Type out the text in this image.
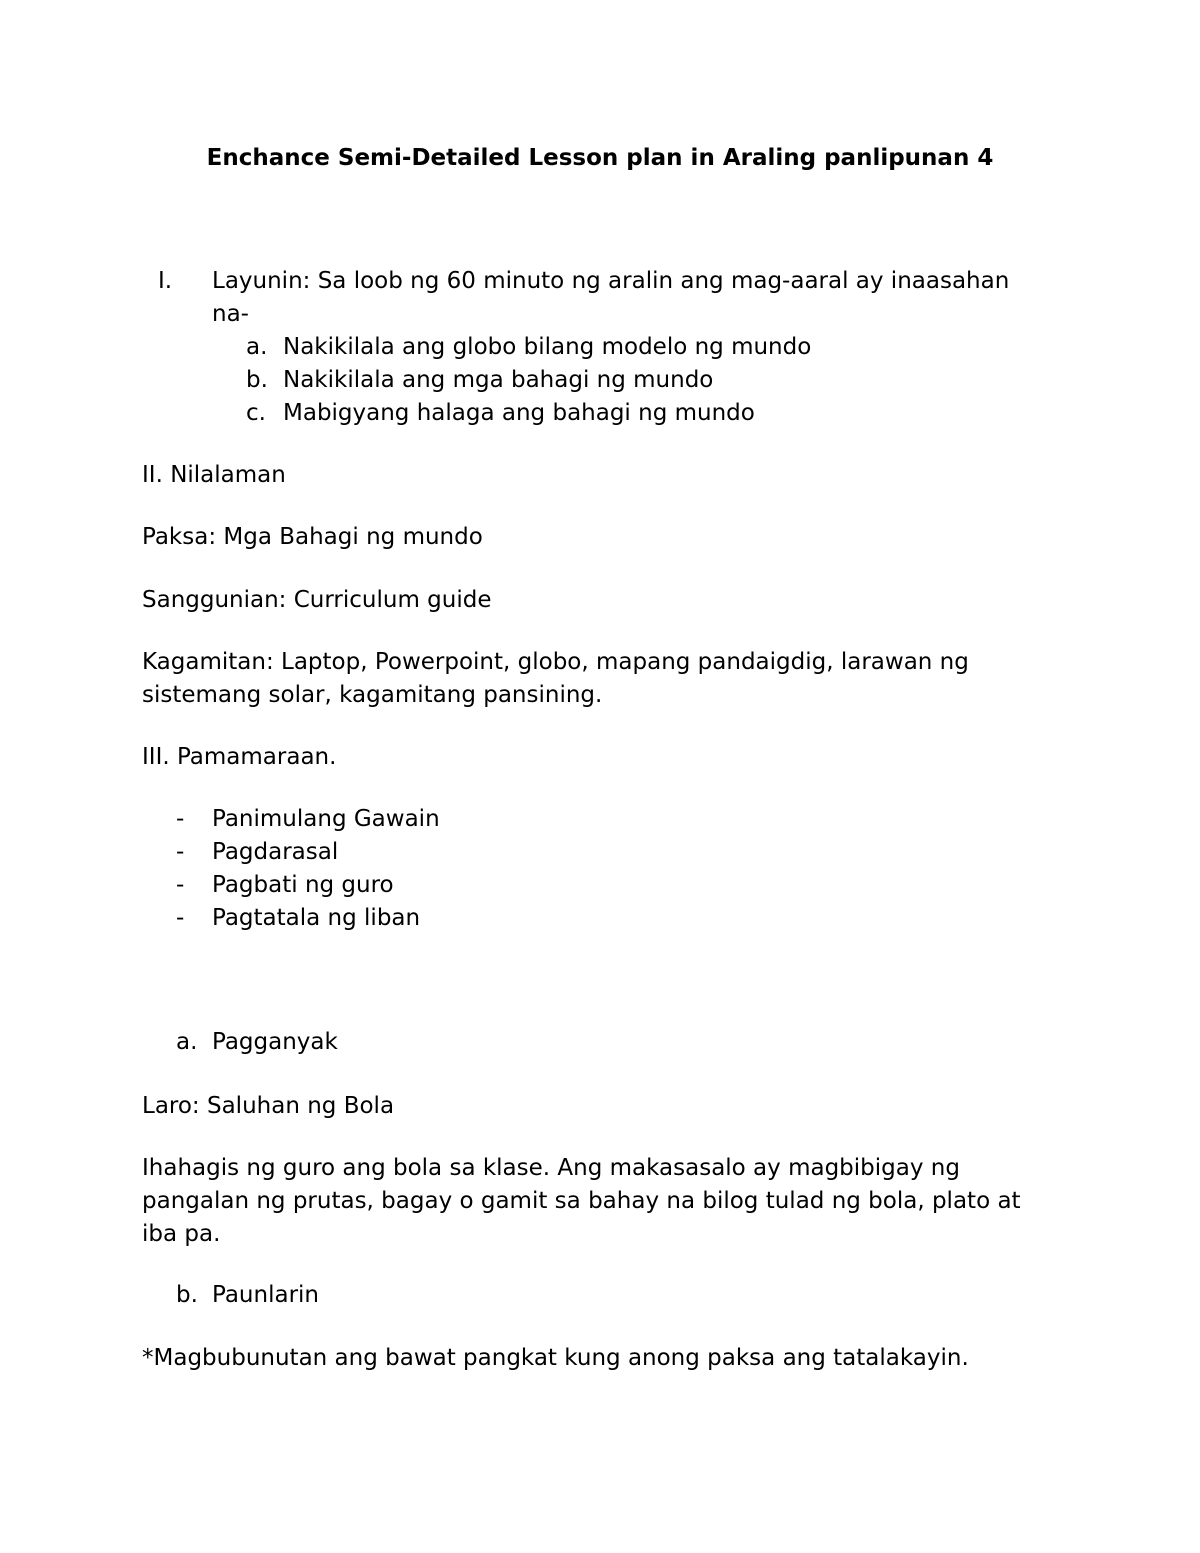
Enchance Semi-Detailed Lesson plan in Araling panlipunan 4
I. Layunin: Sa loob ng 60 minuto ng aralin ang mag-aaral ay inaasahan
na-
a. Nakikilala ang globo bilang modelo ng mundo
b. Nakikilala ang mga bahagi ng mundo
c. Mabigyang halaga ang bahagi ng mundo
II. Nilalaman
Paksa: Mga Bahagi ng mundo
Sanggunian: Curriculum guide
Kagamitan: Laptop, Powerpoint, globo, mapang pandaigdig, larawan ng
sistemang solar, kagamitang pansining.
III. Pamamaraan.
- Panimulang Gawain
- Pagdarasal
- Pagbati ng guro
- Pagtatala ng liban
a. Pagganyak
Laro: Saluhan ng Bola
Ihahagis ng guro ang bola sa klase. Ang makasasalo ay magbibigay ng
pangalan ng prutas, bagay o gamit sa bahay na bilog tulad ng bola, plato at
iba pa.
b. Paunlarin
*Magbubunutan ang bawat pangkat kung anong paksa ang tatalakayin.
